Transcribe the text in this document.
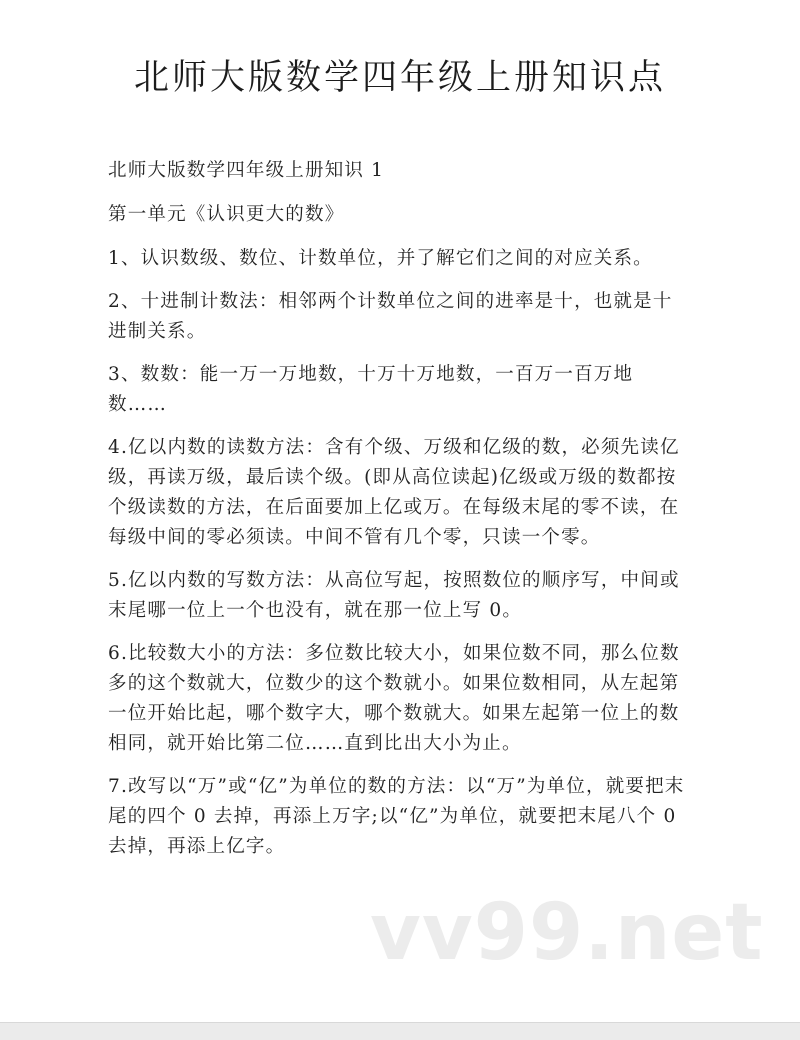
北师大版数学四年级上册知识点

北师大版数学四年级上册知识 1

第一单元《认识更大的数》

1、认识数级、数位、计数单位，并了解它们之间的对应关系。

2、十进制计数法：相邻两个计数单位之间的进率是十，也就是十进制关系。

3、数数：能一万一万地数，十万十万地数，一百万一百万地数……

4.亿以内数的读数方法：含有个级、万级和亿级的数，必须先读亿级，再读万级，最后读个级。(即从高位读起)亿级或万级的数都按个级读数的方法，在后面要加上亿或万。在每级末尾的零不读，在每级中间的零必须读。中间不管有几个零，只读一个零。

5.亿以内数的写数方法：从高位写起，按照数位的顺序写，中间或末尾哪一位上一个也没有，就在那一位上写 0。

6.比较数大小的方法：多位数比较大小，如果位数不同，那么位数多的这个数就大，位数少的这个数就小。如果位数相同，从左起第一位开始比起，哪个数字大，哪个数就大。如果左起第一位上的数相同，就开始比第二位……直到比出大小为止。

7.改写以“万”或“亿”为单位的数的方法：以“万”为单位，就要把末尾的四个 0 去掉，再添上万字;以“亿”为单位，就要把末尾八个 0 去掉，再添上亿字。

vv99.net
